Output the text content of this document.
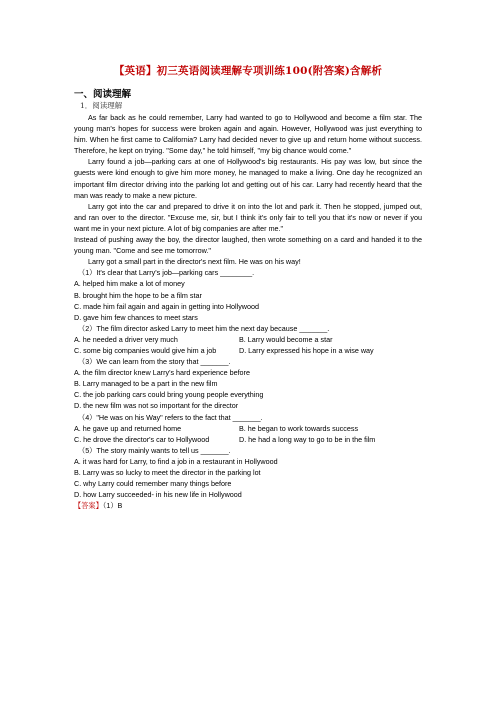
【英语】初三英语阅读理解专项训练100(附答案)含解析
一、阅读理解
1．阅读理解

As far back as he could remember, Larry had wanted to go to Hollywood and become a film star. The young man's hopes for success were broken again and again. However, Hollywood was just everything to him. When he first came to California? Larry had decided never to give up and return home without success. Therefore, he kept on trying. "Some day," he told himself, "my big chance would come."

Larry found a job—parking cars at one of Hollywood's big restaurants. His pay was low, but since the guests were kind enough to give him more money, he managed to make a living. One day he recognized an important film director driving into the parking lot and getting out of his car. Larry had recently heard that the man was ready to make a new picture.

Larry got into the car and prepared to drive it on into the lot and park it. Then he stopped, jumped out, and ran over to the director. "Excuse me, sir, but I think it's only fair to tell you that it's now or never if you want me in your next picture. A lot of big companies are after me."

Instead of pushing away the boy, the director laughed, then wrote something on a card and handed it to the young man. "Come and see me tomorrow."

Larry got a small part in the director's next film. He was on his way!

（1）It's clear that Larry's job—parking cars ________.

A. helped him make a lot of money

B. brought him the hope to be a film star

C. made him fail again and again in getting into Hollywood

D. gave him few chances to meet stars

（2）The film director asked Larry to meet him the next day because _______.

A. he needed a driver very much	B. Larry would become a star
C. some big companies would give him a job	D. Larry expressed his hope in a wise way

（3）We can learn from the story that _______.

A. the film director knew Larry's hard experience before

B. Larry managed to be a part in the new film

C. the job parking cars could bring young people everything

D. the new film was not so important for the director

（4）"He was on his Way" refers to the fact that _______.

A. he gave up and returned home	B. he began to work towards success
C. he drove the director's car to Hollywood	D. he had a long way to go to be in the film

（5）The story mainly wants to tell us _______.

A. it was hard for Larry, to find a job in a restaurant in Hollywood

B. Larry was so lucky to meet the director in the parking lot

C. why Larry could remember many things before

D. how Larry succeeded- in his new life in Hollywood

【答案】（1）B
